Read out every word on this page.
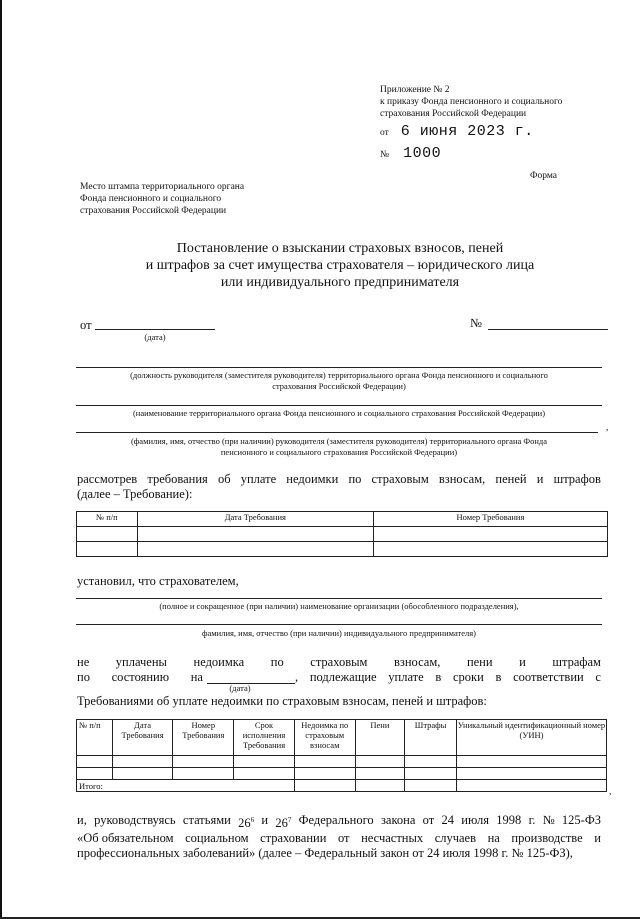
Приложение № 2
к приказу Фонда пенсионного и социального
страхования Российской Федерации
от 6 июня 2023 г.
№ 1000
Форма
Место штампа территориального органа
Фонда пенсионного и социального
страхования Российской Федерации
Постановление о взыскании страховых взносов, пеней
и штрафов за счет имущества страхователя – юридического лица
или индивидуального предпринимателя
от
(дата)
№
(должность руководителя (заместителя руководителя) территориального органа Фонда пенсионного и социального
страхования Российской Федерации)
(наименование территориального органа Фонда пенсионного и социального страхования Российской Федерации)
,
(фамилия, имя, отчество (при наличии) руководителя (заместителя руководителя) территориального органа Фонда
пенсионного и социального страхования Российской Федерации)
рассмотрев требования об уплате недоимки по страховым взносам, пеней и штрафов
(далее – Требование):
№ п/п	Дата Требования	Номер Требования

установил, что страхователем,
(полное и сокращенное (при наличии) наименование организации (обособленного подразделения),
фамилия, имя, отчество (при наличии) индивидуального предпринимателя)
не уплачены недоимка по страховым взносам, пени и штрафам
по состоянию на	, подлежащие уплате в сроки в соответствии с
(дата)
Требованиями об уплате недоимки по страховым взносам, пеней и штрафов:
№ п/п	Дата Требования	Номер Требования	Срок исполнения Требования	Недоимка по страховым взносам	Пени	Штрафы	Уникальный идентификационный номер (УИН)

Итого:							
,
и, руководствуясь статьями $26^6$ и $26^7$ Федерального закона от 24 июля 1998 г. № 125-ФЗ
«Об обязательном социальном страховании от несчастных случаев на производстве и
профессиональных заболеваний» (далее – Федеральный закон от 24 июля 1998 г. № 125-ФЗ),
